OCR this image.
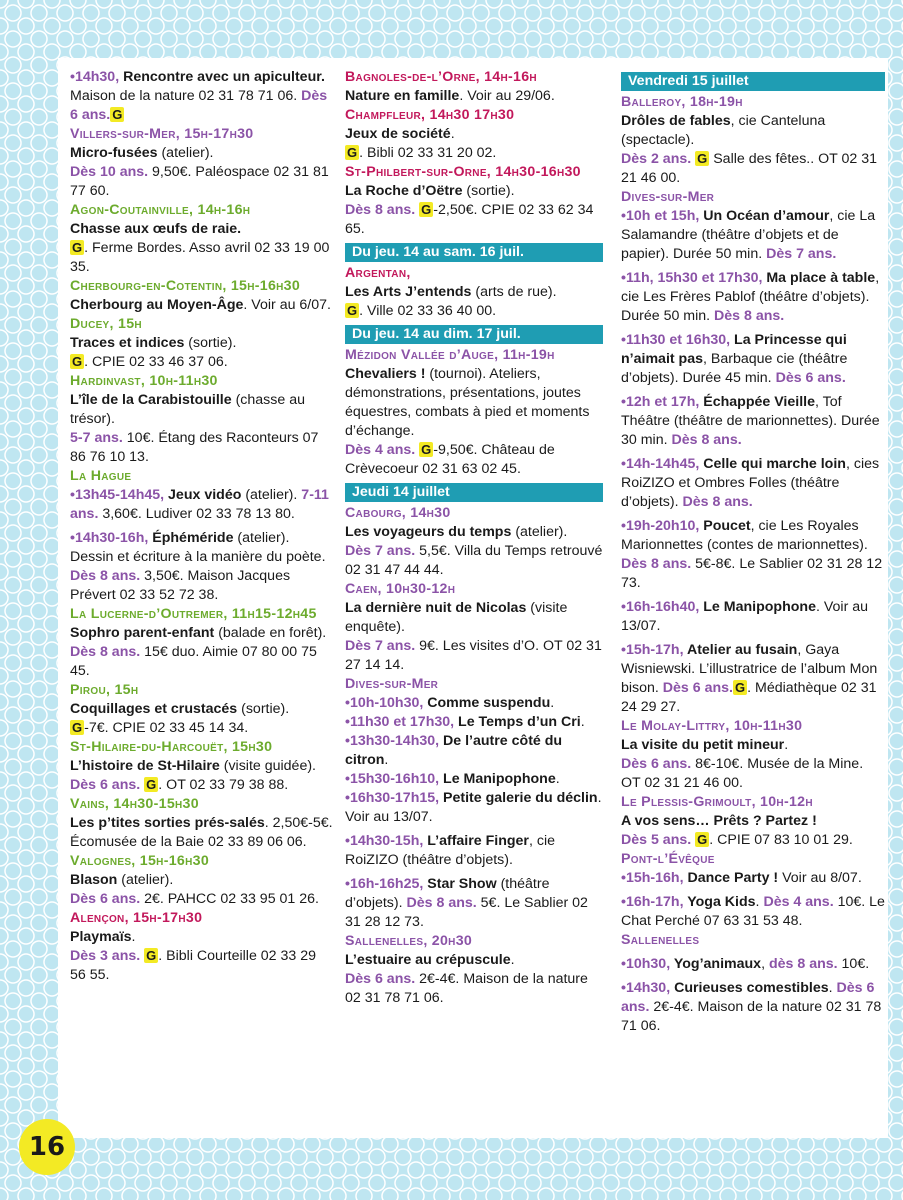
•14h30, Rencontre avec un apiculteur. Maison de la nature 02 31 78 71 06. Dès 6 ans. G

Villers-sur-Mer, 15h-17h30

Micro-fusées (atelier).

Dès 10 ans. 9,50€. Paléospace 02 31 81 77 60.

Agon-Coutainville, 14h-16h

Chasse aux œufs de raie.

G . Ferme Bordes. Asso avril 02 33 19 00 35.

Cherbourg-en-Cotentin, 15h-16h30

Cherbourg au Moyen-Âge. Voir au 6/07.

Ducey, 15h

Traces et indices (sortie).

G . CPIE 02 33 46 37 06.

Hardinvast, 10h-11h30

L’île de la Carabistouille (chasse au trésor).

5-7 ans. 10€. Étang des Raconteurs 07 86 76 10 13.

La Hague

•13h45-14h45, Jeux vidéo (atelier). 7-11 ans. 3,60€. Ludiver 02 33 78 13 80.

•14h30-16h, Éphéméride (atelier). Dessin et écriture à la manière du poète. Dès 8 ans. 3,50€. Maison Jacques Prévert 02 33 52 72 38.

La Lucerne-d’Outremer, 11h15-12h45

Sophro parent-enfant (balade en forêt).

Dès 8 ans. 15€ duo. Aimie 07 80 00 75 45.

Pirou, 15h

Coquillages et crustacés (sortie).

G -7€. CPIE 02 33 45 14 34.

St-Hilaire-du-Harcouët, 15h30

L’histoire de St-Hilaire (visite guidée).

Dès 6 ans. G . OT 02 33 79 38 88.

Vains, 14h30-15h30

Les p’tites sorties prés-salés. 2,50€-5€. Écomusée de la Baie 02 33 89 06 06.

Valognes, 15h-16h30

Blason (atelier).

Dès 6 ans. 2€. PAHCC 02 33 95 01 26.

Alençon, 15h-17h30

Playmaïs.

Dès 3 ans. G . Bibli Courteille 02 33 29 56 55.

Bagnoles-de-l’Orne, 14h-16h

Nature en famille. Voir au 29/06.

Champfleur, 14h30 17h30

Jeux de société.

G . Bibli 02 33 31 20 02.

St-Philbert-sur-Orne, 14h30-16h30

La Roche d’Oëtre (sortie).

Dès 8 ans. G -2,50€. CPIE 02 33 62 34 65.

Du jeu. 14 au sam. 16 juil.

Argentan,

Les Arts J’entends (arts de rue).

G . Ville 02 33 36 40 00.

Du jeu. 14 au dim. 17 juil.

Mézidon Vallée d’Auge, 11h-19h

Chevaliers ! (tournoi). Ateliers, démonstrations, présentations, joutes équestres, combats à pied et moments d’échange.

Dès 4 ans. G -9,50€. Château de Crèvecoeur 02 31 63 02 45.

Jeudi 14 juillet

Cabourg, 14h30

Les voyageurs du temps (atelier).

Dès 7 ans. 5,5€. Villa du Temps retrouvé 02 31 47 44 44.

Caen, 10h30-12h

La dernière nuit de Nicolas (visite enquête).

Dès 7 ans. 9€. Les visites d’O. OT 02 31 27 14 14.

Dives-sur-Mer

•10h-10h30, Comme suspendu.

•11h30 et 17h30, Le Temps d’un Cri.

•13h30-14h30, De l’autre côté du citron.

•15h30-16h10, Le Manipophone.

•16h30-17h15, Petite galerie du déclin. Voir au 13/07.

•14h30-15h, L’affaire Finger, cie RoiZIZO (théâtre d’objets).

•16h-16h25, Star Show (théâtre d’objets). Dès 8 ans. 5€. Le Sablier 02 31 28 12 73.

Sallenelles, 20h30

L’estuaire au crépuscule.

Dès 6 ans. 2€-4€. Maison de la nature 02 31 78 71 06.

Vendredi 15 juillet

Balleroy, 18h-19h

Drôles de fables, cie Canteluna (spectacle).

Dès 2 ans. G Salle des fêtes.. OT 02 31 21 46 00.

Dives-sur-Mer

•10h et 15h, Un Océan d’amour, cie La Salamandre (théâtre d’objets et de papier). Durée 50 min. Dès 7 ans.

•11h, 15h30 et 17h30, Ma place à table, cie Les Frères Pablof (théâtre d’objets). Durée 50 min. Dès 8 ans.

•11h30 et 16h30, La Princesse qui n’aimait pas, Barbaque cie (théâtre d’objets). Durée 45 min. Dès 6 ans.

•12h et 17h, Échappée Vieille, Tof Théâtre (théâtre de marionnettes). Durée 30 min. Dès 8 ans.

•14h-14h45, Celle qui marche loin, cies RoiZIZO et Ombres Folles (théâtre d’objets). Dès 8 ans.

•19h-20h10, Poucet, cie Les Royales Marionnettes (contes de marionnettes). Dès 8 ans. 5€-8€. Le Sablier 02 31 28 12 73.

•16h-16h40, Le Manipophone. Voir au 13/07.

•15h-17h, Atelier au fusain, Gaya Wisniewski. L’illustratrice de l’album Mon bison. Dès 6 ans. G . Médiathèque 02 31 24 29 27.

Le Molay-Littry, 10h-11h30

La visite du petit mineur.

Dès 6 ans. 8€-10€. Musée de la Mine. OT 02 31 21 46 00.

Le Plessis-Grimoult, 10h-12h

A vos sens… Prêts ? Partez !

Dès 5 ans. G . CPIE 07 83 10 01 29.

Pont-l’Évêque

•15h-16h, Dance Party ! Voir au 8/07.

•16h-17h, Yoga Kids. Dès 4 ans. 10€. Le Chat Perché 07 63 31 53 48.

Sallenelles

•10h30, Yog’animaux, dès 8 ans. 10€.

•14h30, Curieuses comestibles. Dès 6 ans. 2€-4€. Maison de la nature 02 31 78 71 06.

16
